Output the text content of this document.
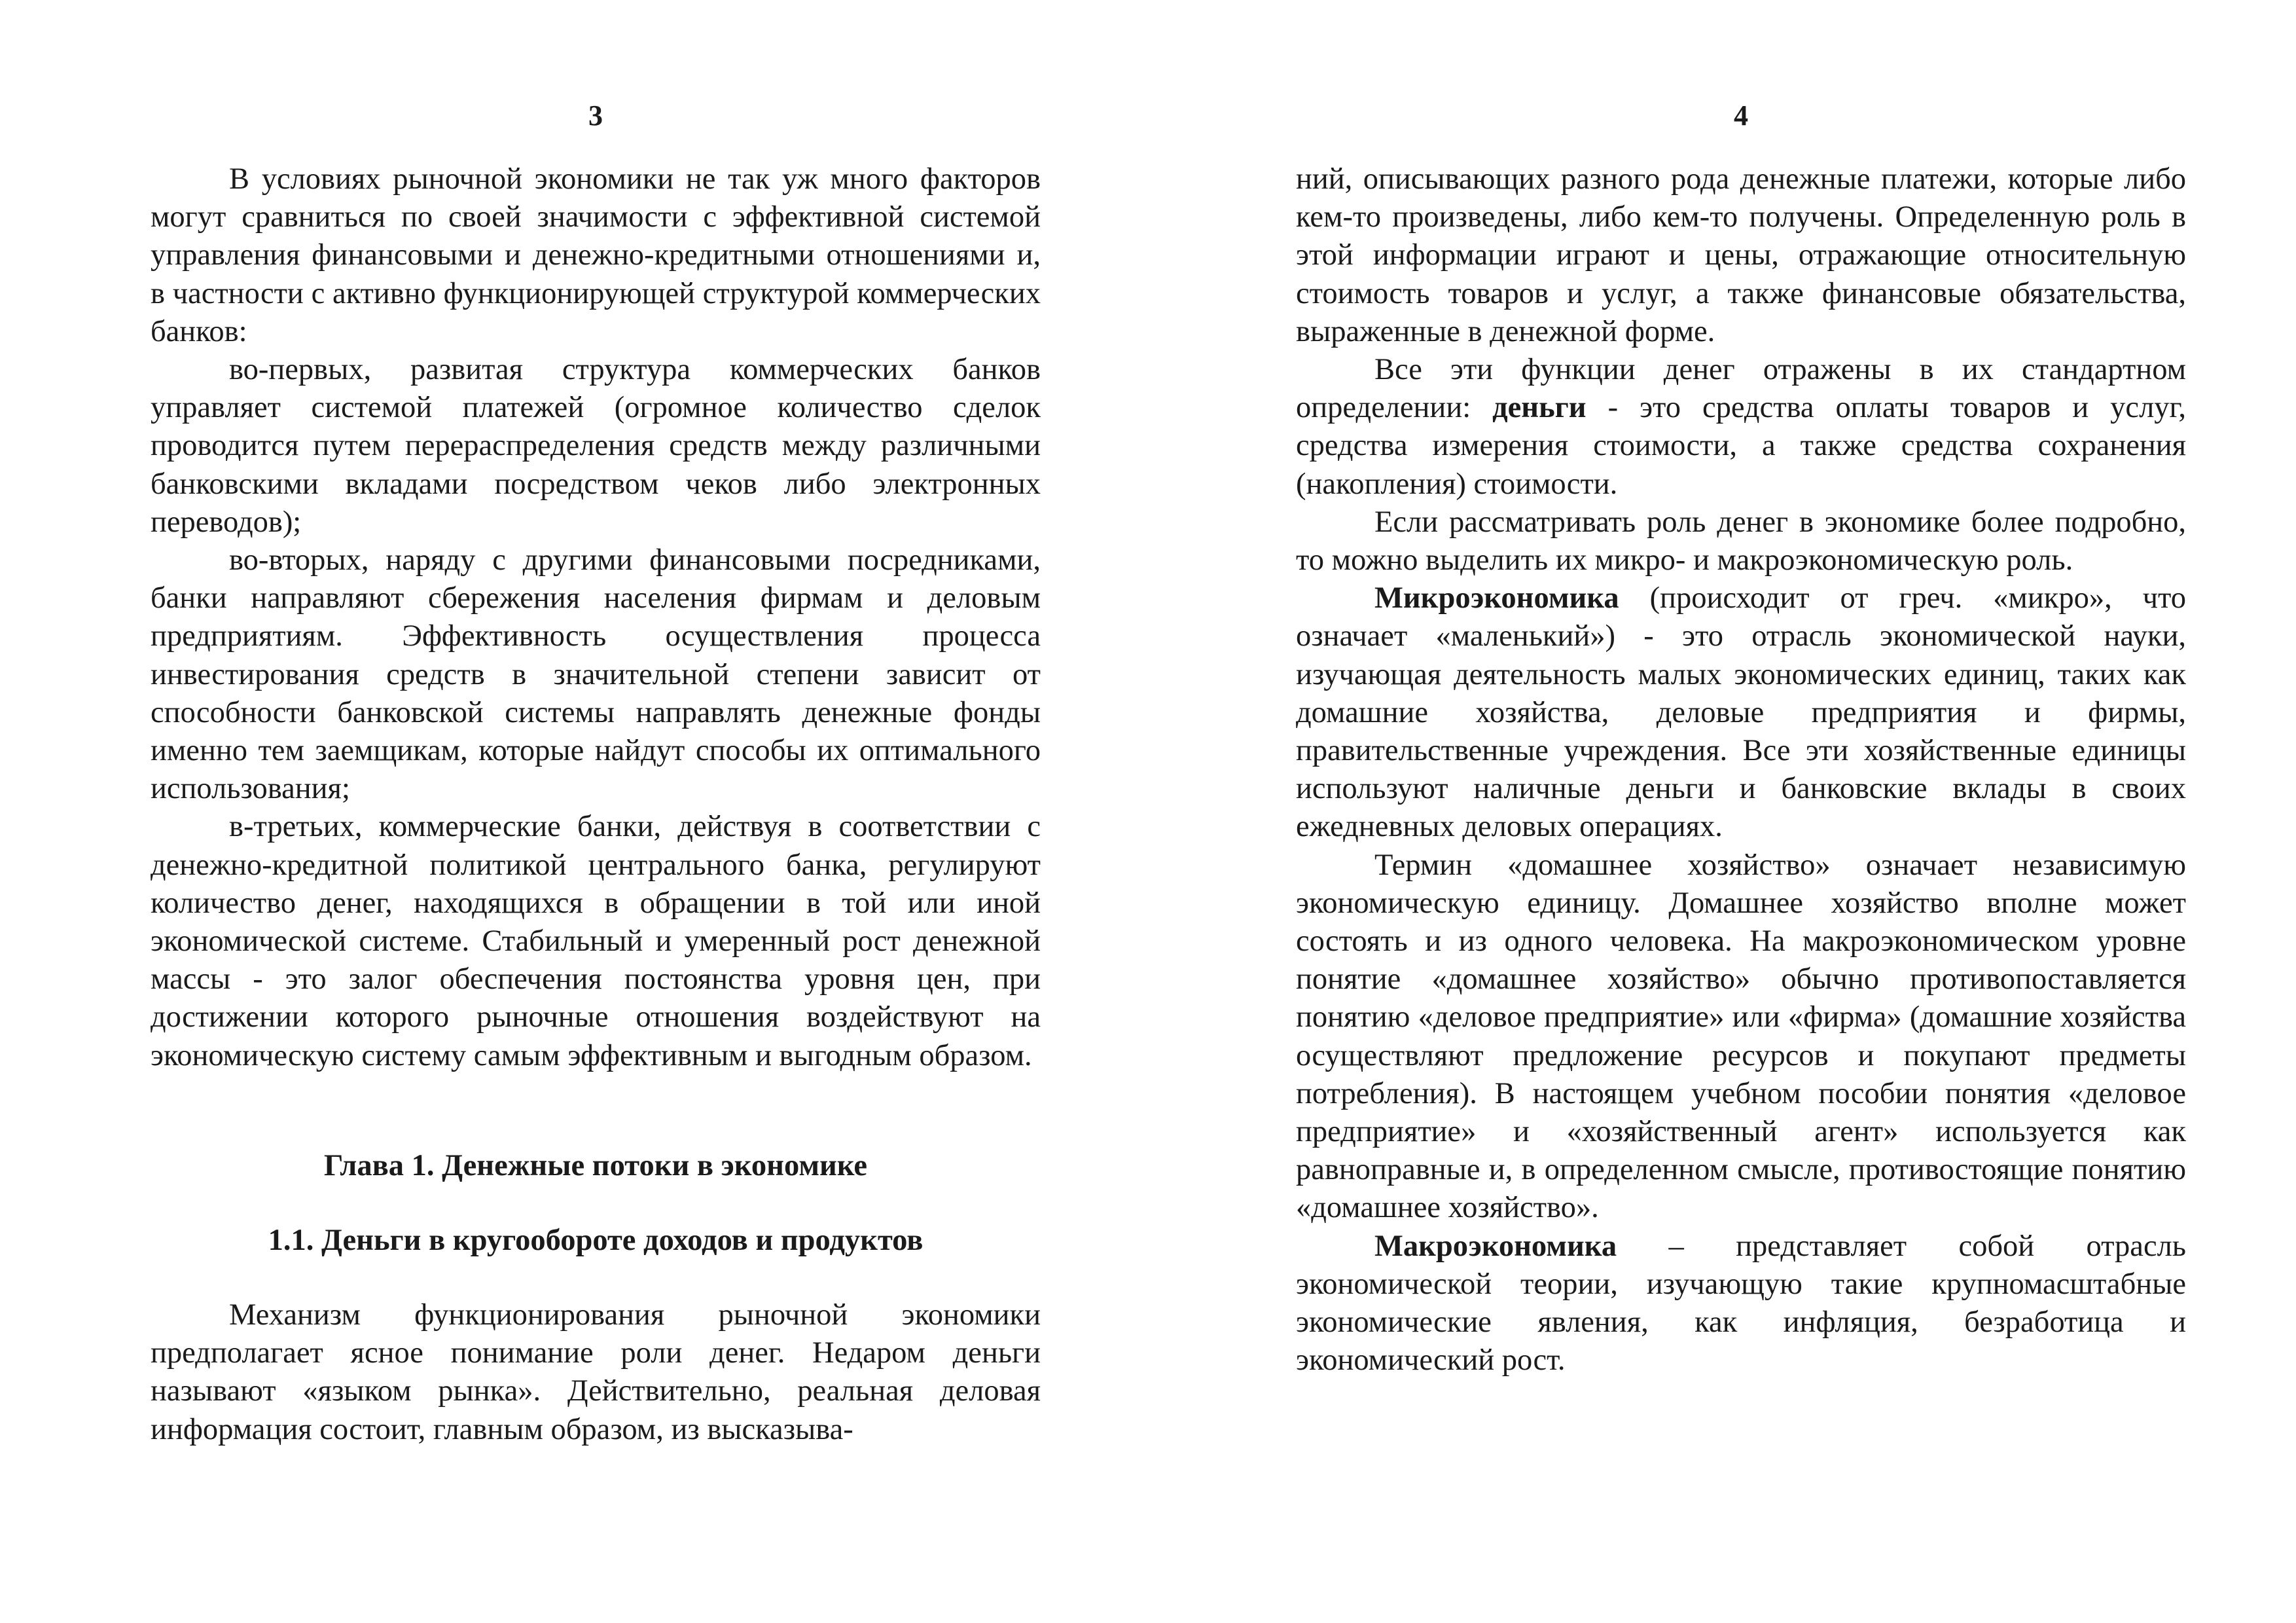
3

В условиях рыночной экономики не так уж много факторов могут сравниться по своей значимости с эффективной системой управления финансовыми и денежно-кредитными отношениями и, в частности с активно функционирующей структурой коммерческих банков:

во-первых, развитая структура коммерческих банков управляет системой платежей (огромное количество сделок проводится путем перераспределения средств между различными банковскими вкладами посредством чеков либо электронных переводов);

во-вторых, наряду с другими финансовыми посредниками, банки направляют сбережения населения фирмам и деловым предприятиям. Эффективность осуществления процесса инвестирования средств в значительной степени зависит от способности банковской системы направлять денежные фонды именно тем заемщикам, которые найдут способы их оптимального использования;

в-третьих, коммерческие банки, действуя в соответствии с денежно-кредитной политикой центрального банка, регулируют количество денег, находящихся в обращении в той или иной экономической системе. Стабильный и умеренный рост денежной массы - это залог обеспечения постоянства уровня цен, при достижении которого рыночные отношения воздействуют на экономическую систему самым эффективным и выгодным образом.

Глава 1. Денежные потоки в экономике
1.1. Деньги в кругообороте доходов и продуктов

Механизм функционирования рыночной экономики предполагает ясное понимание роли денег. Недаром деньги называют «языком рынка». Действительно, реальная деловая информация состоит, главным образом, из высказыва-

4

ний, описывающих разного рода денежные платежи, которые либо кем-то произведены, либо кем-то получены. Определенную роль в этой информации играют и цены, отражающие относительную стоимость товаров и услуг, а также финансовые обязательства, выраженные в денежной форме.

Все эти функции денег отражены в их стандартном определении: деньги - это средства оплаты товаров и услуг, средства измерения стоимости, а также средства сохранения (накопления) стоимости.

Если рассматривать роль денег в экономике более подробно, то можно выделить их микро- и макроэкономическую роль.

Микроэкономика (происходит от греч. «микро», что означает «маленький») - это отрасль экономической науки, изучающая деятельность малых экономических единиц, таких как домашние хозяйства, деловые предприятия и фирмы, правительственные учреждения. Все эти хозяйственные единицы используют наличные деньги и банковские вклады в своих ежедневных деловых операциях.

Термин «домашнее хозяйство» означает независимую экономическую единицу. Домашнее хозяйство вполне может состоять и из одного человека. На макроэкономическом уровне понятие «домашнее хозяйство» обычно противопоставляется понятию «деловое предприятие» или «фирма» (домашние хозяйства осуществляют предложение ресурсов и покупают предметы потребления). В настоящем учебном пособии понятия «деловое предприятие» и «хозяйственный агент» используется как равноправные и, в определенном смысле, противостоящие понятию «домашнее хозяйство».

Макроэкономика – представляет собой отрасль экономической теории, изучающую такие крупномасштабные экономические явления, как инфляция, безработица и экономический рост.
